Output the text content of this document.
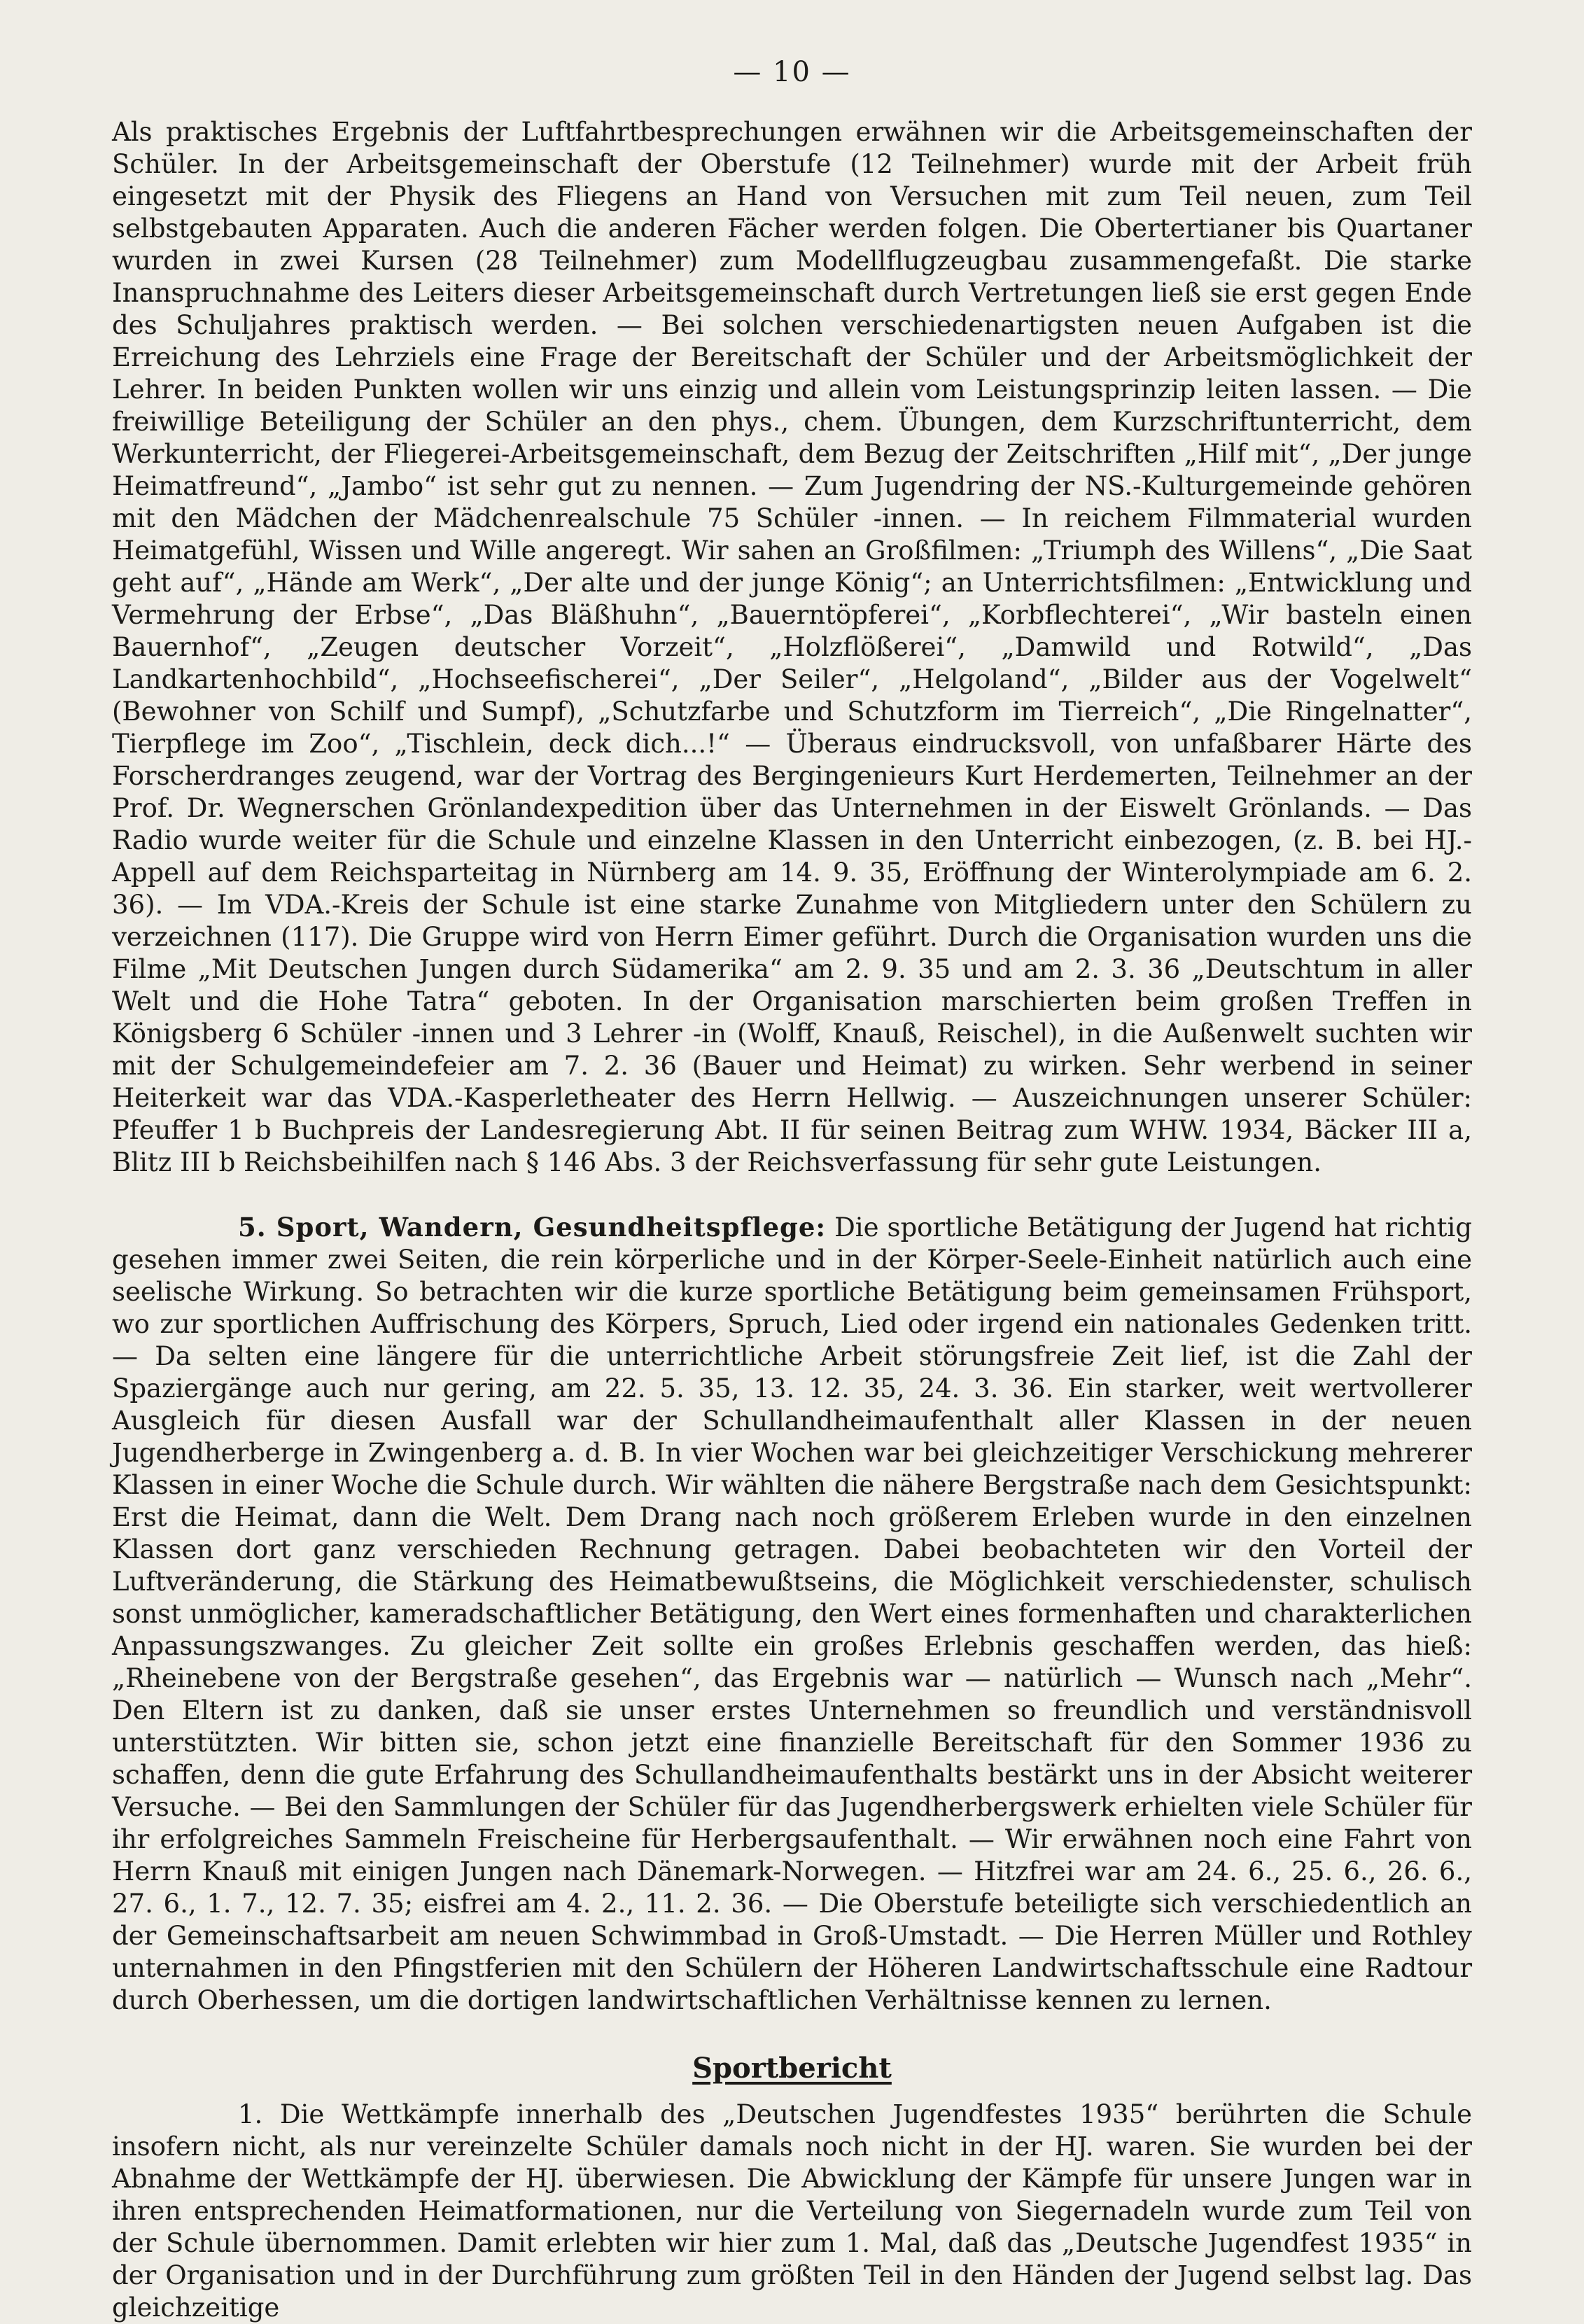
— 10 —

Als praktisches Ergebnis der Luftfahrtbesprechungen erwähnen wir die Arbeitsgemeinschaften der Schüler. In der Arbeitsgemeinschaft der Oberstufe (12 Teilnehmer) wurde mit der Arbeit früh eingesetzt mit der Physik des Fliegens an Hand von Versuchen mit zum Teil neuen, zum Teil selbstgebauten Apparaten. Auch die anderen Fächer werden folgen. Die Obertertianer bis Quartaner wurden in zwei Kursen (28 Teilnehmer) zum Modellflugzeugbau zusammengefaßt. Die starke Inanspruchnahme des Leiters dieser Arbeitsgemeinschaft durch Vertretungen ließ sie erst gegen Ende des Schuljahres praktisch werden. — Bei solchen verschiedenartigsten neuen Aufgaben ist die Erreichung des Lehrziels eine Frage der Bereitschaft der Schüler und der Arbeitsmöglichkeit der Lehrer. In beiden Punkten wollen wir uns einzig und allein vom Leistungsprinzip leiten lassen. — Die freiwillige Beteiligung der Schüler an den phys., chem. Übungen, dem Kurzschriftunterricht, dem Werkunterricht, der Fliegerei-Arbeitsgemeinschaft, dem Bezug der Zeitschriften „Hilf mit“, „Der junge Heimatfreund“, „Jambo“ ist sehr gut zu nennen. — Zum Jugendring der NS.-Kulturgemeinde gehören mit den Mädchen der Mädchenrealschule 75 Schüler -innen. — In reichem Filmmaterial wurden Heimatgefühl, Wissen und Wille angeregt. Wir sahen an Großfilmen: „Triumph des Willens“, „Die Saat geht auf“, „Hände am Werk“, „Der alte und der junge König“; an Unterrichtsfilmen: „Entwicklung und Vermehrung der Erbse“, „Das Bläßhuhn“, „Bauerntöpferei“, „Korbflechterei“, „Wir basteln einen Bauernhof“, „Zeugen deutscher Vorzeit“, „Holzflößerei“, „Damwild und Rotwild“, „Das Landkartenhochbild“, „Hochseefischerei“, „Der Seiler“, „Helgoland“, „Bilder aus der Vogelwelt“ (Bewohner von Schilf und Sumpf), „Schutzfarbe und Schutzform im Tierreich“, „Die Ringelnatter“, Tierpflege im Zoo“, „Tischlein, deck dich...!“ — Überaus eindrucksvoll, von unfaßbarer Härte des Forscherdranges zeugend, war der Vortrag des Bergingenieurs Kurt Herdemerten, Teilnehmer an der Prof. Dr. Wegnerschen Grönlandexpedition über das Unternehmen in der Eiswelt Grönlands. — Das Radio wurde weiter für die Schule und einzelne Klassen in den Unterricht einbezogen, (z. B. bei HJ.-Appell auf dem Reichsparteitag in Nürnberg am 14. 9. 35, Eröffnung der Winterolympiade am 6. 2. 36). — Im VDA.-Kreis der Schule ist eine starke Zunahme von Mitgliedern unter den Schülern zu verzeichnen (117). Die Gruppe wird von Herrn Eimer geführt. Durch die Organisation wurden uns die Filme „Mit Deutschen Jungen durch Südamerika“ am 2. 9. 35 und am 2. 3. 36 „Deutschtum in aller Welt und die Hohe Tatra“ geboten. In der Organisation marschierten beim großen Treffen in Königsberg 6 Schüler -innen und 3 Lehrer -in (Wolff, Knauß, Reischel), in die Außenwelt suchten wir mit der Schulgemeindefeier am 7. 2. 36 (Bauer und Heimat) zu wirken. Sehr werbend in seiner Heiterkeit war das VDA.-Kasperletheater des Herrn Hellwig. — Auszeichnungen unserer Schüler: Pfeuffer 1 b Buchpreis der Landesregierung Abt. II für seinen Beitrag zum WHW. 1934, Bäcker III a, Blitz III b Reichsbeihilfen nach § 146 Abs. 3 der Reichsverfassung für sehr gute Leistungen.

5. Sport, Wandern, Gesundheitspflege: Die sportliche Betätigung der Jugend hat richtig gesehen immer zwei Seiten, die rein körperliche und in der Körper-Seele-Einheit natürlich auch eine seelische Wirkung. So betrachten wir die kurze sportliche Betätigung beim gemeinsamen Frühsport, wo zur sportlichen Auffrischung des Körpers, Spruch, Lied oder irgend ein nationales Gedenken tritt. — Da selten eine längere für die unterrichtliche Arbeit störungsfreie Zeit lief, ist die Zahl der Spaziergänge auch nur gering, am 22. 5. 35, 13. 12. 35, 24. 3. 36. Ein starker, weit wertvollerer Ausgleich für diesen Ausfall war der Schullandheimaufenthalt aller Klassen in der neuen Jugendherberge in Zwingenberg a. d. B. In vier Wochen war bei gleichzeitiger Verschickung mehrerer Klassen in einer Woche die Schule durch. Wir wählten die nähere Bergstraße nach dem Gesichtspunkt: Erst die Heimat, dann die Welt. Dem Drang nach noch größerem Erleben wurde in den einzelnen Klassen dort ganz verschieden Rechnung getragen. Dabei beobachteten wir den Vorteil der Luftveränderung, die Stärkung des Heimatbewußtseins, die Möglichkeit verschiedenster, schulisch sonst unmöglicher, kameradschaftlicher Betätigung, den Wert eines formenhaften und charakterlichen Anpassungszwanges. Zu gleicher Zeit sollte ein großes Erlebnis geschaffen werden, das hieß: „Rheinebene von der Bergstraße gesehen“, das Ergebnis war — natürlich — Wunsch nach „Mehr“. Den Eltern ist zu danken, daß sie unser erstes Unternehmen so freundlich und verständnisvoll unterstützten. Wir bitten sie, schon jetzt eine finanzielle Bereitschaft für den Sommer 1936 zu schaffen, denn die gute Erfahrung des Schullandheimaufenthalts bestärkt uns in der Absicht weiterer Versuche. — Bei den Sammlungen der Schüler für das Jugendherbergswerk erhielten viele Schüler für ihr erfolgreiches Sammeln Freischeine für Herbergsaufenthalt. — Wir erwähnen noch eine Fahrt von Herrn Knauß mit einigen Jungen nach Dänemark-Norwegen. — Hitzfrei war am 24. 6., 25. 6., 26. 6., 27. 6., 1. 7., 12. 7. 35; eisfrei am 4. 2., 11. 2. 36. — Die Oberstufe beteiligte sich verschiedentlich an der Gemeinschaftsarbeit am neuen Schwimmbad in Groß-Umstadt. — Die Herren Müller und Rothley unternahmen in den Pfingstferien mit den Schülern der Höheren Landwirtschaftsschule eine Radtour durch Oberhessen, um die dortigen landwirtschaftlichen Verhältnisse kennen zu lernen.

Sportbericht

1. Die Wettkämpfe innerhalb des „Deutschen Jugendfestes 1935“ berührten die Schule insofern nicht, als nur vereinzelte Schüler damals noch nicht in der HJ. waren. Sie wurden bei der Abnahme der Wettkämpfe der HJ. überwiesen. Die Abwicklung der Kämpfe für unsere Jungen war in ihren entsprechenden Heimatformationen, nur die Verteilung von Siegernadeln wurde zum Teil von der Schule übernommen. Damit erlebten wir hier zum 1. Mal, daß das „Deutsche Jugendfest 1935“ in der Organisation und in der Durchführung zum größten Teil in den Händen der Jugend selbst lag. Das gleichzeitige
